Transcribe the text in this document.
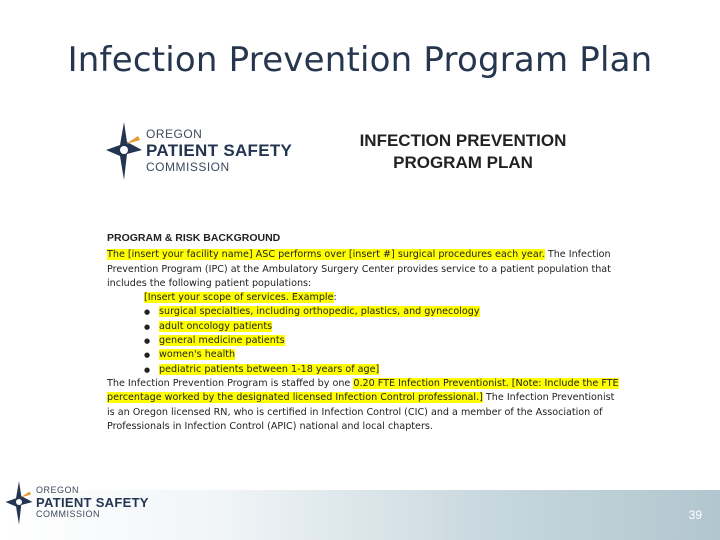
Infection Prevention Program Plan
OREGON
PATIENT SAFETY
COMMISSION
INFECTION PREVENTION
PROGRAM PLAN
PROGRAM & RISK BACKGROUND
The [insert your facility name] ASC performs over [insert #] surgical procedures each year. The Infection Prevention Program (IPC) at the Ambulatory Surgery Center provides service to a patient population that includes the following patient populations:
[Insert your scope of services. Example:
● surgical specialties, including orthopedic, plastics, and gynecology
● adult oncology patients
● general medicine patients
● women's health
● pediatric patients between 1-18 years of age]
The Infection Prevention Program is staffed by one 0.20 FTE Infection Preventionist. [Note: Include the FTE percentage worked by the designated licensed Infection Control professional.] The Infection Preventionist is an Oregon licensed RN, who is certified in Infection Control (CIC) and a member of the Association of Professionals in Infection Control (APIC) national and local chapters.
OREGON
PATIENT SAFETY
COMMISSION	39
